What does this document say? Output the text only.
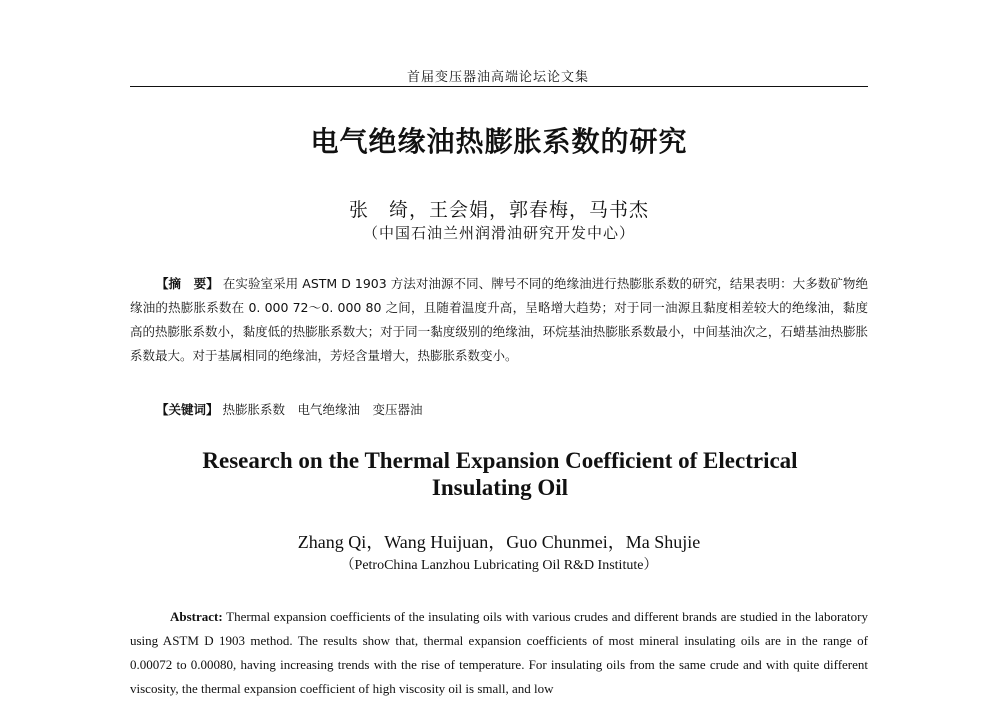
首届变压器油高端论坛论文集
电气绝缘油热膨胀系数的研究
张　绮，王会娟，郭春梅，马书杰
（中国石油兰州润滑油研究开发中心）
【摘　要】 在实验室采用 ASTM D 1903 方法对油源不同、牌号不同的绝缘油进行热膨胀系数的研究，结果表明：大多数矿物绝缘油的热膨胀系数在 0. 000 72～0. 000 80 之间，且随着温度升高，呈略增大趋势；对于同一油源且黏度相差较大的绝缘油，黏度高的热膨胀系数小，黏度低的热膨胀系数大；对于同一黏度级别的绝缘油，环烷基油热膨胀系数最小，中间基油次之，石蜡基油热膨胀系数最大。对于基属相同的绝缘油，芳烃含量增大，热膨胀系数变小。
【关键词】 热膨胀系数　电气绝缘油　变压器油
Research on the Thermal Expansion Coefficient of Electrical Insulating Oil
Zhang Qi，Wang Huijuan，Guo Chunmei，Ma Shujie
（PetroChina Lanzhou Lubricating Oil R&D Institute）
Abstract: Thermal expansion coefficients of the insulating oils with various crudes and different brands are studied in the laboratory using ASTM D 1903 method. The results show that, thermal expansion coefficients of most mineral insulating oils are in the range of 0.00072 to 0.00080, having increasing trends with the rise of temperature. For insulating oils from the same crude and with quite different viscosity, the thermal expansion coefficient of high viscosity oil is small, and low
